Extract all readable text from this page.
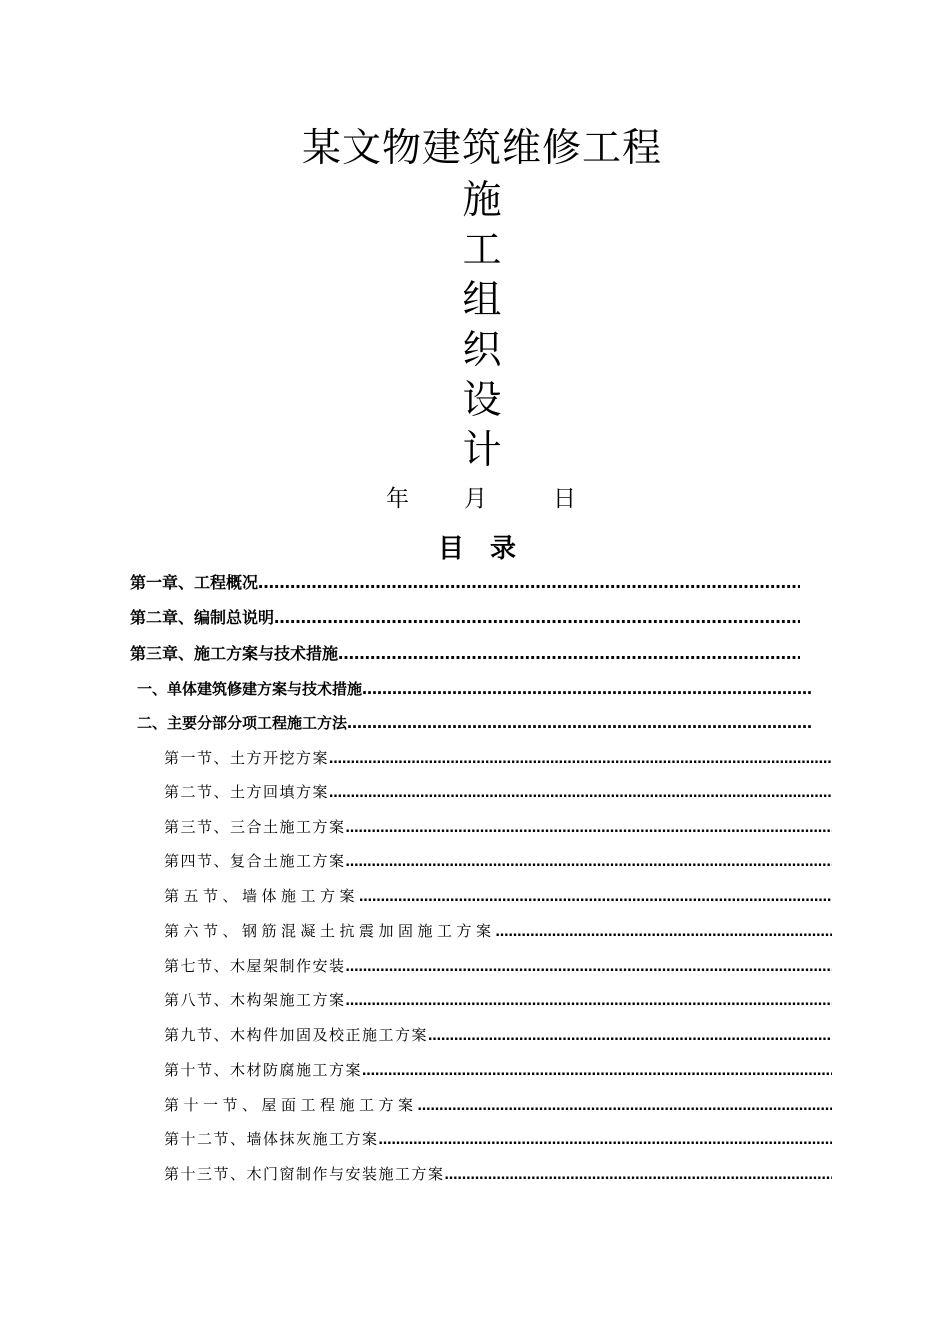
某文物建筑维修工程
施
工
组
织
设
计
年 月	日
目　录
第一章、工程概况
……………………………………………………………………………………………………………………………………………………………………………
第二章、编制总说明
……………………………………………………………………………………………………………………………………………………………………………
第三章、施工方案与技术措施
……………………………………………………………………………………………………………………………………………………………………………
一、单体建筑修建方案与技术措施
……………………………………………………………………………………………………………………………………………………………………………
二、主要分部分项工程施工方法
……………………………………………………………………………………………………………………………………………………………………………
第一节、土方开挖方案
……………………………………………………………………………………………………………………………………………………………………………
第二节、土方回填方案
……………………………………………………………………………………………………………………………………………………………………………
第三节、三合土施工方案
……………………………………………………………………………………………………………………………………………………………………………
第四节、复合土施工方案
……………………………………………………………………………………………………………………………………………………………………………
第五节、墙体施工方案
……………………………………………………………………………………………………………………………………………………………………………
第六节、钢筋混凝土抗震加固施工方案
……………………………………………………………………………………………………………………………………………………………………………
第七节、木屋架制作安装
……………………………………………………………………………………………………………………………………………………………………………
第八节、木构架施工方案
……………………………………………………………………………………………………………………………………………………………………………
第九节、木构件加固及校正施工方案
……………………………………………………………………………………………………………………………………………………………………………
第十节、木材防腐施工方案
……………………………………………………………………………………………………………………………………………………………………………
第十一节、屋面工程施工方案
……………………………………………………………………………………………………………………………………………………………………………
第十二节、墙体抹灰施工方案
……………………………………………………………………………………………………………………………………………………………………………
第十三节、木门窗制作与安装施工方案
……………………………………………………………………………………………………………………………………………………………………………
